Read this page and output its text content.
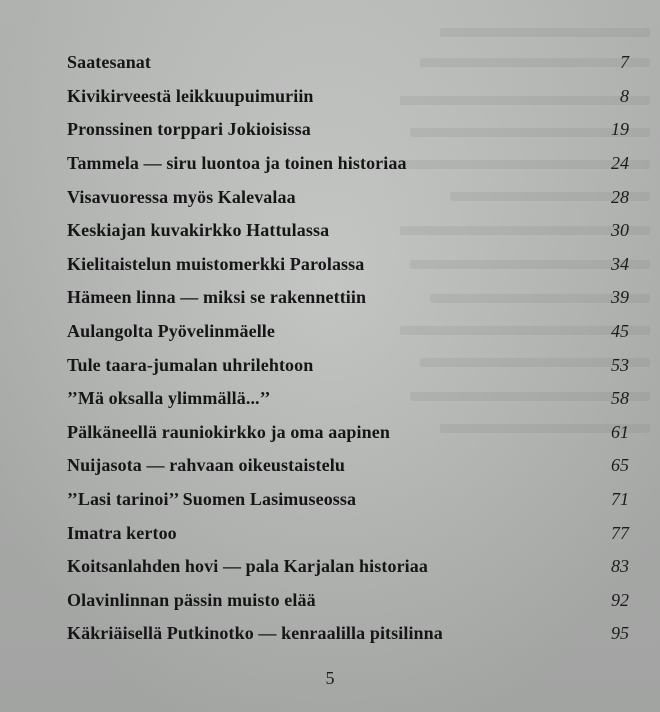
Saatesanat	7
Kivikirveestä leikkuupuimuriin	8
Pronssinen torppari Jokioisissa	19
Tammela — siru luontoa ja toinen historiaa	24
Visavuoressa myös Kalevalaa	28
Keskiajan kuvakirkko Hattulassa	30
Kielitaistelun muistomerkki Parolassa	34
Hämeen linna — miksi se rakennettiin	39
Aulangolta Pyövelinmäelle	45
Tule taara-jumalan uhrilehtoon	53
’’Mä oksalla ylimmällä...’’	58
Pälkäneellä rauniokirkko ja oma aapinen	61
Nuijasota — rahvaan oikeustaistelu	65
’’Lasi tarinoi’’ Suomen Lasimuseossa	71
Imatra kertoo	77
Koitsanlahden hovi — pala Karjalan historiaa	83
Olavinlinnan pässin muisto elää	92
Käkriäisellä Putkinotko — kenraalilla pitsilinna	95
5
